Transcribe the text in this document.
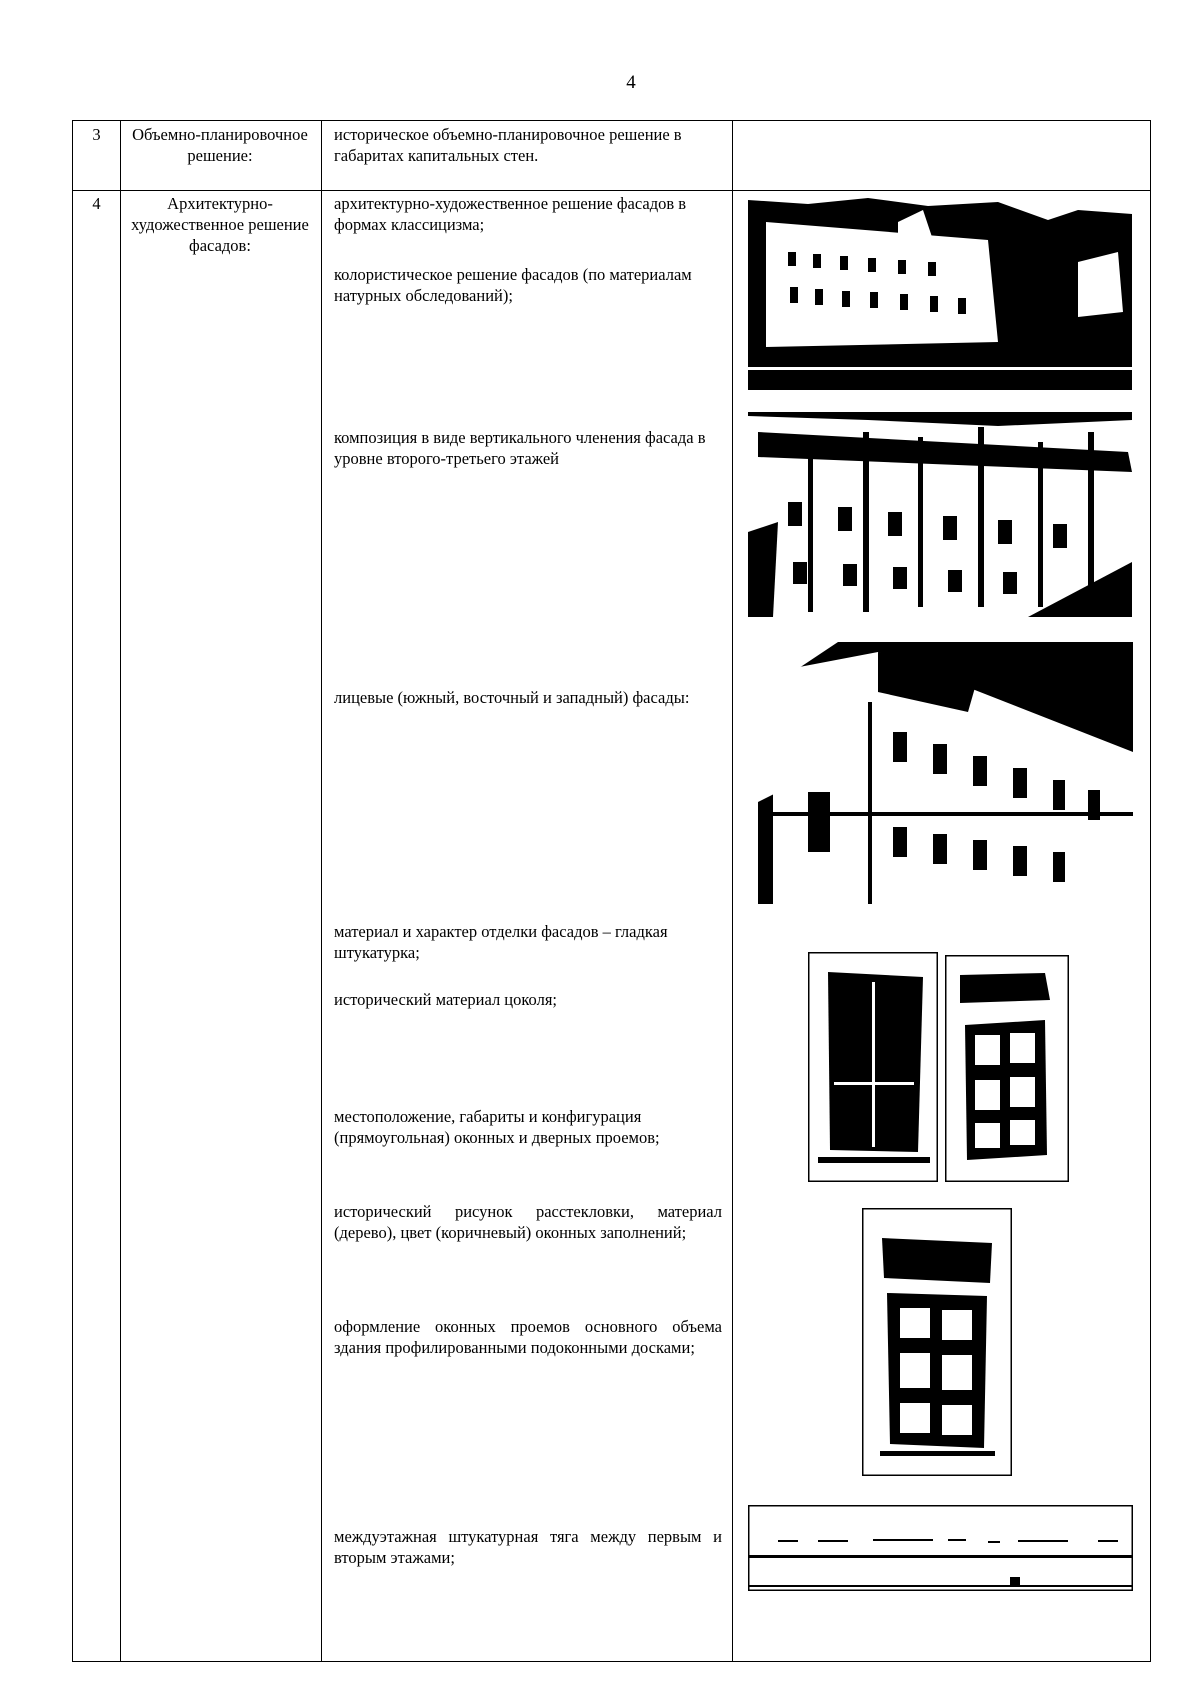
4
3	Объемно-планировочное решение:
историческое объемно-планировочное решение в габаритах капитальных стен.
4	Архитектурно-художественное решение фасадов:
архитектурно-художественное решение фасадов в формах классицизма;
колористическое решение фасадов (по материалам натурных обследований);
композиция в виде вертикального членения фасада в уровне второго-третьего этажей
лицевые (южный, восточный и западный) фасады:
материал и характер отделки фасадов – гладкая штукатурка;
исторический материал цоколя;
местоположение, габариты и конфигурация (прямоугольная) оконных и дверных проемов;
исторический рисунок расстекловки, материал (дерево), цвет (коричневый) оконных заполнений;
оформление оконных проемов основного объема здания профилированными подоконными досками;
междуэтажная штукатурная тяга между первым и вторым этажами;
